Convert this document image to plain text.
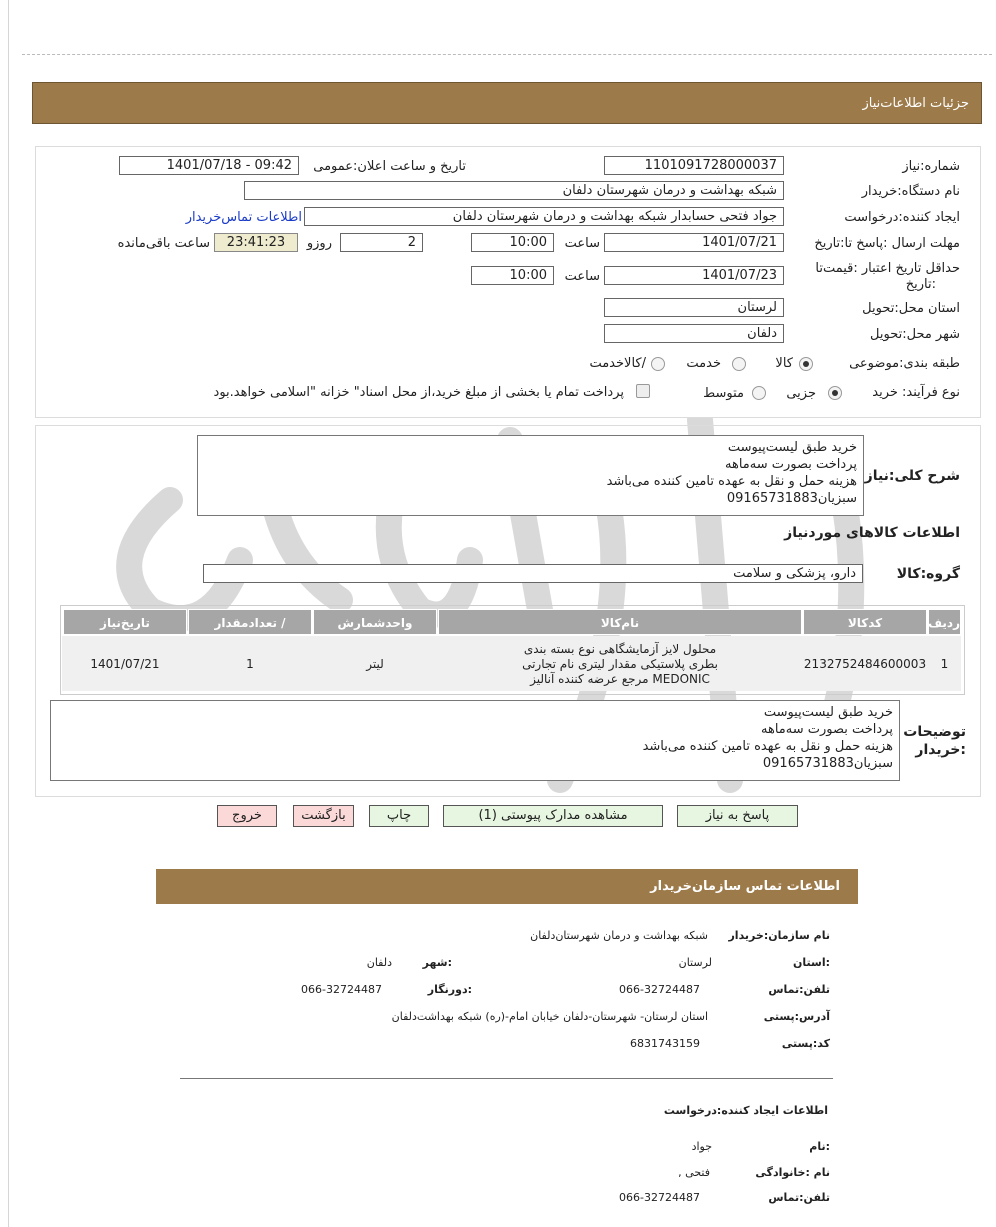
جزئیات اطلاعات‌نیاز
شماره:نیاز
1101091728000037
تاریخ و ساعت اعلان:عمومی
1401/07/18 - 09:42
نام دستگاه:خریدار
شبکه بهداشت و درمان شهرستان دلفان
ایجاد کننده:درخواست
جواد فتحی حسابدار شبکه بهداشت و درمان شهرستان دلفان
اطلاعات تماس‌خریدار
مهلت ارسال :پاسخ تا:تاریخ
1401/07/21
ساعت
10:00
2
روزو
23:41:23
ساعت باقی‌مانده
حداقل تاریخ اعتبار :قیمت‌تا
:تاریخ
1401/07/23
ساعت
10:00
استان محل:تحویل
لرستان
شهر محل:تحویل
دلفان
طبقه بندی:موضوعی
کالا
خدمت
/کالاخدمت
نوع فرآیند: خرید
جزیی
متوسط
پرداخت تمام یا بخشی از مبلغ خرید،از محل اسناد" خزانه "اسلامی خواهد.بود
شرح کلی:نیاز
خرید طبق لیست‌پیوست
پرداخت بصورت سه‌ماهه
هزینه حمل و نقل به عهده تامین کننده می‌باشد
سبزیان09165731883
اطلاعات کالاهای موردنیاز
گروه:کالا
دارو، پزشکی و سلامت
ردیف
کدکالا
نام‌کالا
واحدشمارش
/ تعدادمقدار
تاریخ‌نیاز
1
2132752484600003
محلول لایز آزمایشگاهی نوع بسته بندی
بطری پلاستیکی مقدار لیتری نام تجارتی
MEDONIC مرجع عرضه کننده آنالیز
لیتر
1
1401/07/21
توضیحات
:خریدار
خرید طبق لیست‌پیوست
پرداخت بصورت سه‌ماهه
هزینه حمل و نقل به عهده تامین کننده می‌باشد
سبزیان09165731883
پاسخ به نیاز
مشاهده مدارک پیوستی (1)
چاپ
بازگشت
خروج
اطلاعات تماس سازمان‌خریدار
نام سازمان:خریدار
شبکه بهداشت و درمان شهرستان‌دلفان
:استان
لرستان
:شهر
دلفان
تلفن:تماس
066-32724487
:دورنگار
066-32724487
آدرس:پستی
استان لرستان- شهرستان-دلفان خیابان امام-(ره) شبکه بهداشت‌دلفان
کد:پستی
6831743159
اطلاعات ایجاد کننده:درخواست
:نام
جواد
نام :خانوادگی
فتحی ,
تلفن:تماس
066-32724487
